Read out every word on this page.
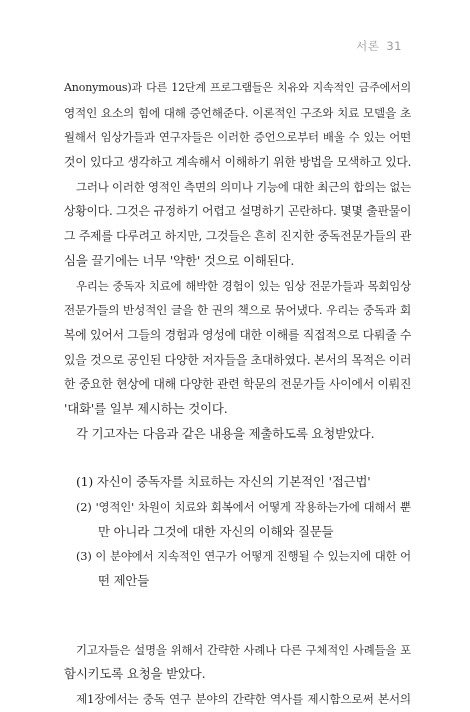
서론 31
Anonymous)과 다른 12단계 프로그램들은 치유와 지속적인 금주에서의
영적인 요소의 힘에 대해 증언해준다. 이론적인 구조와 치료 모델을 초
월해서 임상가들과 연구자들은 이러한 증언으로부터 배울 수 있는 어떤
것이 있다고 생각하고 계속해서 이해하기 위한 방법을 모색하고 있다.
그러나 이러한 영적인 측면의 의미나 기능에 대한 최근의 합의는 없는
상황이다. 그것은 규정하기 어렵고 설명하기 곤란하다. 몇몇 출판물이
그 주제를 다루려고 하지만, 그것들은 흔히 진지한 중독전문가들의 관
심을 끌기에는 너무 '약한' 것으로 이해된다.
우리는 중독자 치료에 해박한 경험이 있는 임상 전문가들과 목회임상
전문가들의 반성적인 글을 한 권의 책으로 묶어냈다. 우리는 중독과 회
복에 있어서 그들의 경험과 영성에 대한 이해를 직접적으로 다뤄줄 수
있을 것으로 공인된 다양한 저자들을 초대하였다. 본서의 목적은 이러
한 중요한 현상에 대해 다양한 관련 학문의 전문가들 사이에서 이뤄진
'대화'를 일부 제시하는 것이다.
각 기고자는 다음과 같은 내용을 제출하도록 요청받았다.
(1) 자신이 중독자를 치료하는 자신의 기본적인 '접근법'
(2) '영적인' 차원이 치료와 회복에서 어떻게 작용하는가에 대해서 뿐
만 아니라 그것에 대한 자신의 이해와 질문들
(3) 이 분야에서 지속적인 연구가 어떻게 진행될 수 있는지에 대한 어
떤 제안들
기고자들은 설명을 위해서 간략한 사례나 다른 구체적인 사례들을 포
함시키도록 요청을 받았다.
제1장에서는 중독 연구 분야의 간략한 역사를 제시함으로써 본서의
